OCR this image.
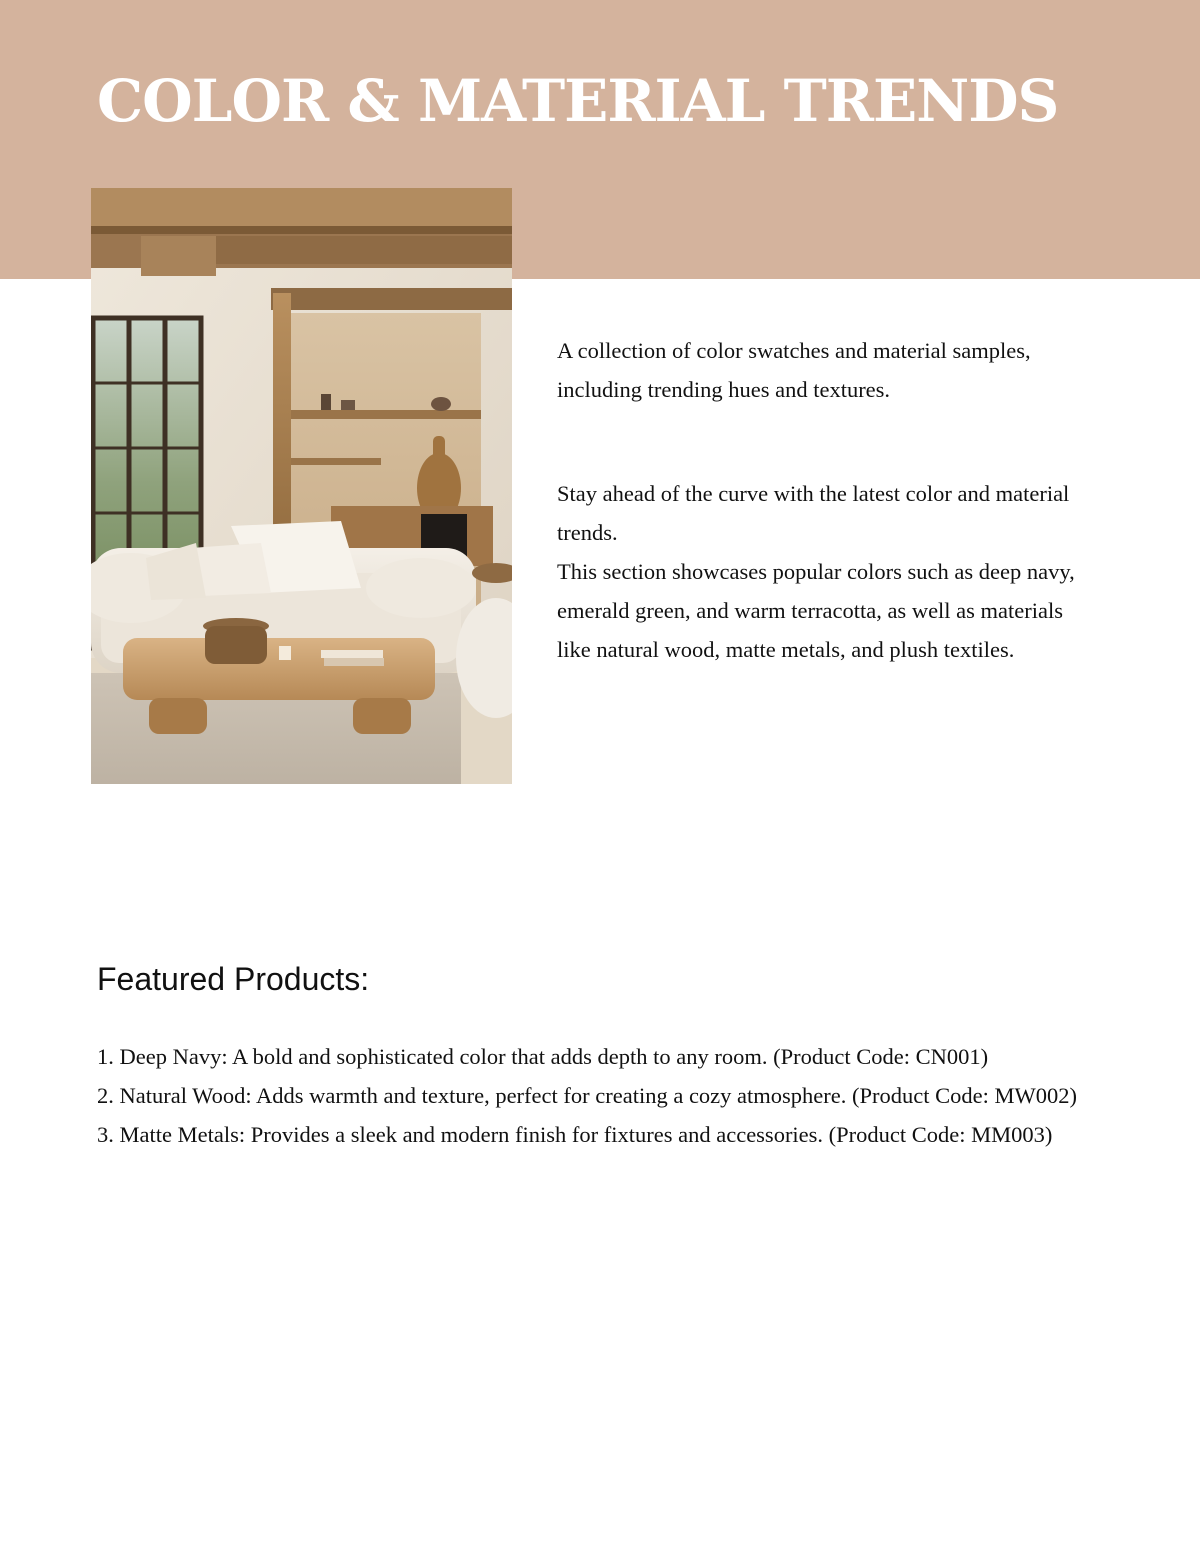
COLOR & MATERIAL TRENDS

A collection of color swatches and material samples, including trending hues and textures.

Stay ahead of the curve with the latest color and material trends.

This section showcases popular colors such as deep navy, emerald green, and warm terracotta, as well as materials like natural wood, matte metals, and plush textiles.

Featured Products:
1. Deep Navy: A bold and sophisticated color that adds depth to any room. (Product Code: CN001)
2. Natural Wood: Adds warmth and texture, perfect for creating a cozy atmosphere. (Product Code: MW002)
3. Matte Metals: Provides a sleek and modern finish for fixtures and accessories. (Product Code: MM003)
